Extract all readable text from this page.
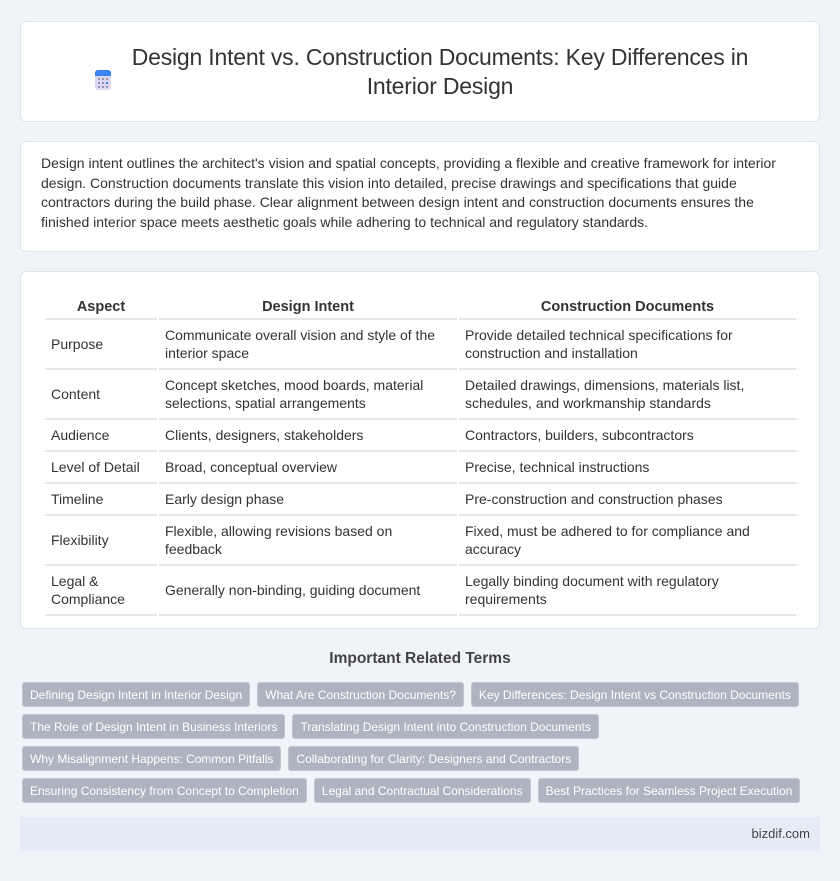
Design Intent vs. Construction Documents: Key Differences in Interior Design

Design intent outlines the architect's vision and spatial concepts, providing a flexible and creative framework for interior design. Construction documents translate this vision into detailed, precise drawings and specifications that guide contractors during the build phase. Clear alignment between design intent and construction documents ensures the finished interior space meets aesthetic goals while adhering to technical and regulatory standards.

Aspect	Design Intent	Construction Documents
Purpose	Communicate overall vision and style of the interior space	Provide detailed technical specifications for construction and installation
Content	Concept sketches, mood boards, material selections, spatial arrangements	Detailed drawings, dimensions, materials list, schedules, and workmanship standards
Audience	Clients, designers, stakeholders	Contractors, builders, subcontractors
Level of Detail	Broad, conceptual overview	Precise, technical instructions
Timeline	Early design phase	Pre-construction and construction phases
Flexibility	Flexible, allowing revisions based on feedback	Fixed, must be adhered to for compliance and accuracy
Legal & Compliance	Generally non-binding, guiding document	Legally binding document with regulatory requirements
Important Related Terms
Defining Design Intent in Interior Design	What Are Construction Documents?	Key Differences: Design Intent vs Construction Documents
The Role of Design Intent in Business Interiors	Translating Design Intent into Construction Documents
Why Misalignment Happens: Common Pitfalls	Collaborating for Clarity: Designers and Contractors
Ensuring Consistency from Concept to Completion	Legal and Contractual Considerations	Best Practices for Seamless Project Execution
bizdif.com
